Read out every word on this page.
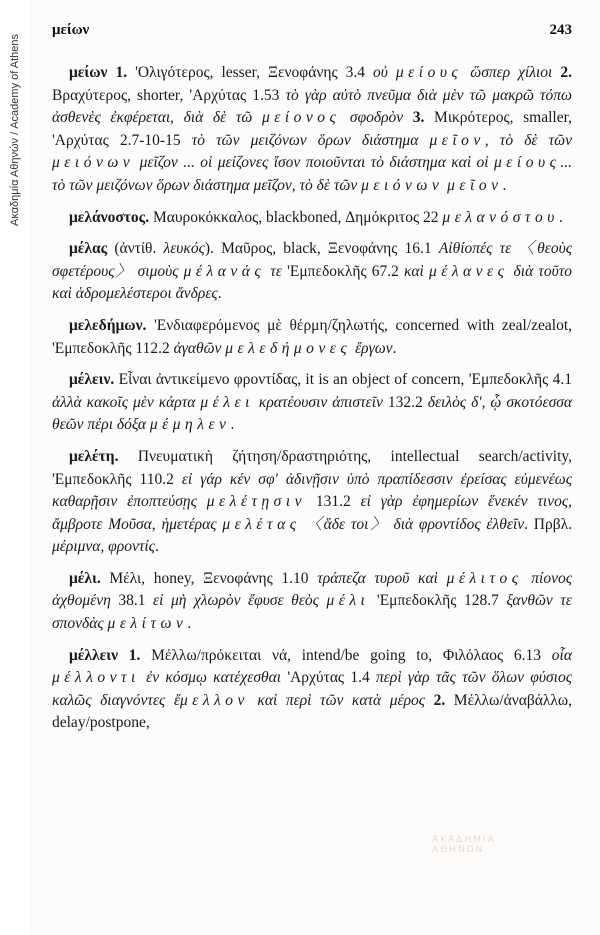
Ακαδημία Αθηνών / Academy of Athens
μείων	243

μείων 1. 'Ολιγότερος, lesser, Ξενοφάνης 3.4 οὐ μείους ὥσπερ χίλιοι 2. Βραχύτερος, shorter, 'Αρχύτας 1.53 τὸ γὰρ αὐτὸ πνεῦμα διὰ μὲν τῶ μακρῶ τόπω ἀσθενὲς ἐκφέρεται, διὰ δὲ τῶ μείονος σφοδρὸν 3. Μικρότερος, smaller, 'Αρχύτας 2.7-10-15 τὸ τῶν μειζόνων ὅρων διάστημα μεῖον, τὸ δὲ τῶν μειόνων μεῖζον ... οἱ μείζονες ἴσον ποιοῦνται τὸ διάστημα καὶ οἱ μείους... τὸ τῶν μειζόνων ὅρων διάστημα μεῖζον, τὸ δὲ τῶν μειόνων μεῖον.

μελάνοστος. Μαυροκόκκαλος, blackboned, Δημόκριτος 22 μελανόστου.

μέλας (ἀντίθ. λευκός). Μαῦρος, black, Ξενοφάνης 16.1 Αἰθίοπές τε 〈θεοὺς σφετέρους〉 σιμοὺς μέλανάς τε 'Εμπεδοκλῆς 67.2 καὶ μέλανες διὰ τοῦτο καὶ ἁδρομελέστεροι ἄνδρες.

μελεδήμων. 'Ενδιαφερόμενος μὲ θέρμη/ζηλωτής, concerned with zeal/zealot, 'Εμπεδοκλῆς 112.2 ἀγαθῶν μελεδήμονες ἔργων.

μέλειν. Εἶναι ἀντικείμενο φροντίδας, it is an object of concern, 'Εμπεδοκλῆς 4.1 ἀλλὰ κακοῖς μὲν κάρτα μέλει κρατέουσιν ἀπιστεῖν 132.2 δειλὸς δ', ᾧ σκοτόεσσα θεῶν πέρι δόξα μέμηλεν.

μελέτη. Πνευματικὴ ζήτηση/δραστηριότης, intellectual search/activity, 'Εμπεδοκλῆς 110.2 εἰ γάρ κέν σφ' ἀδινῇσιν ὑπὸ πραπίδεσσιν ἐρείσας εὐμενέως καθαρῇσιν ἐποπτεύσῃς μελέτῃσιν 131.2 εἰ γὰρ ἐφημερίων ἕνεκέν τινος, ἄμβροτε Μοῦσα, ἡμετέρας μελέτας 〈ἅδε τοι〉 διὰ φροντίδος ἐλθεῖν. Πρβλ. μέριμνα, φροντίς.

μέλι. Μέλι, honey, Ξενοφάνης 1.10 τράπεζα τυροῦ καὶ μέλιτος πίονος ἀχθομένη 38.1 εἰ μὴ χλωρὸν ἔφυσε θεὸς μέλι 'Εμπεδοκλῆς 128.7 ξανθῶν τε σπονδὰς μελίτων.

μέλλειν 1. Μέλλω/πρόκειται νά, intend/be going to, Φιλόλαος 6.13 οἷα μέλλοντι ἐν κόσμῳ κατέχεσθαι 'Αρχύτας 1.4 περὶ γὰρ τᾶς τῶν ὅλων φύσιος καλῶς διαγνόντες ἔμελλον καὶ περὶ τῶν κατὰ μέρος 2. Μέλλω/ἀναβάλλω, delay/postpone,

ΑΚΑΔΗΜΙΑ ΑΘΗΝΩΝ
